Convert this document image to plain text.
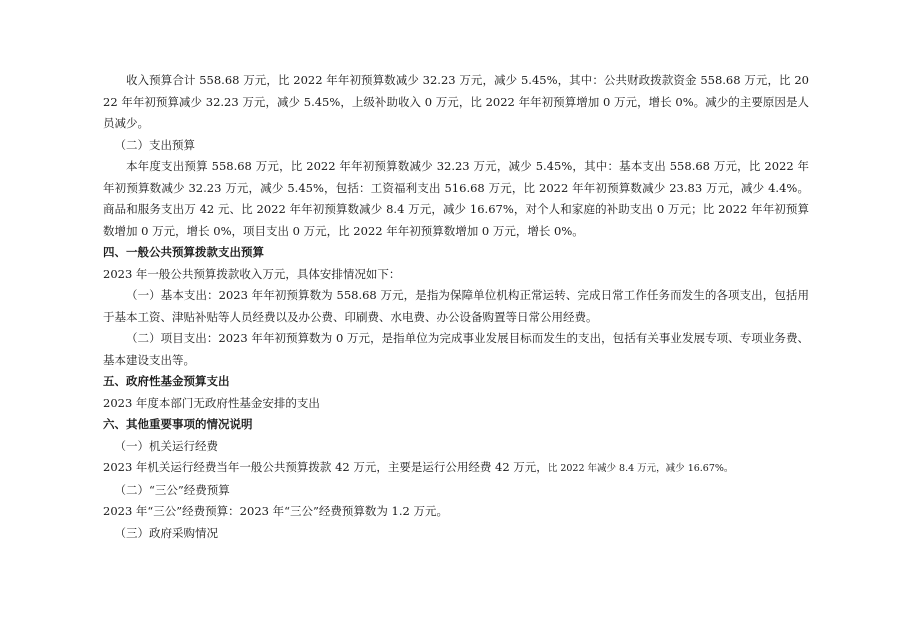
收入预算合计 558.68 万元，比 2022 年年初预算数减少 32.23 万元，减少 5.45%，其中：公共财政拨款资金 558.68 万元，比 2022 年年初预算减少 32.23 万元，减少 5.45%，上级补助收入 0 万元，比 2022 年年初预算增加 0 万元，增长 0%。减少的主要原因是人员减少。

（二）支出预算

本年度支出预算 558.68 万元，比 2022 年年初预算数减少 32.23 万元，减少 5.45%，其中：基本支出 558.68 万元，比 2022 年年初预算数减少 32.23 万元，减少 5.45%，包括：工资福利支出 516.68 万元，比 2022 年年初预算数减少 23.83 万元，减少 4.4%。商品和服务支出万 42 元、比 2022 年年初预算数减少 8.4 万元，减少 16.67%，对个人和家庭的补助支出 0 万元；比 2022 年年初预算数增加 0 万元，增长 0%，项目支出 0 万元，比 2022 年年初预算数增加 0 万元，增长 0%。

四、一般公共预算拨款支出预算

2023 年一般公共预算拨款收入万元，具体安排情况如下：

（一）基本支出：2023 年年初预算数为 558.68 万元，是指为保障单位机构正常运转、完成日常工作任务而发生的各项支出，包括用于基本工资、津贴补贴等人员经费以及办公费、印刷费、水电费、办公设备购置等日常公用经费。

（二）项目支出：2023 年年初预算数为 0 万元，是指单位为完成事业发展目标而发生的支出，包括有关事业发展专项、专项业务费、基本建设支出等。

五、政府性基金预算支出

2023 年度本部门无政府性基金安排的支出

六、其他重要事项的情况说明

（一）机关运行经费

2023 年机关运行经费当年一般公共预算拨款 42 万元，主要是运行公用经费 42 万元，比 2022 年减少 8.4 万元，减少 16.67%。

（二）“三公”经费预算

2023 年“三公”经费预算：2023 年“三公”经费预算数为 1.2 万元。

（三）政府采购情况
